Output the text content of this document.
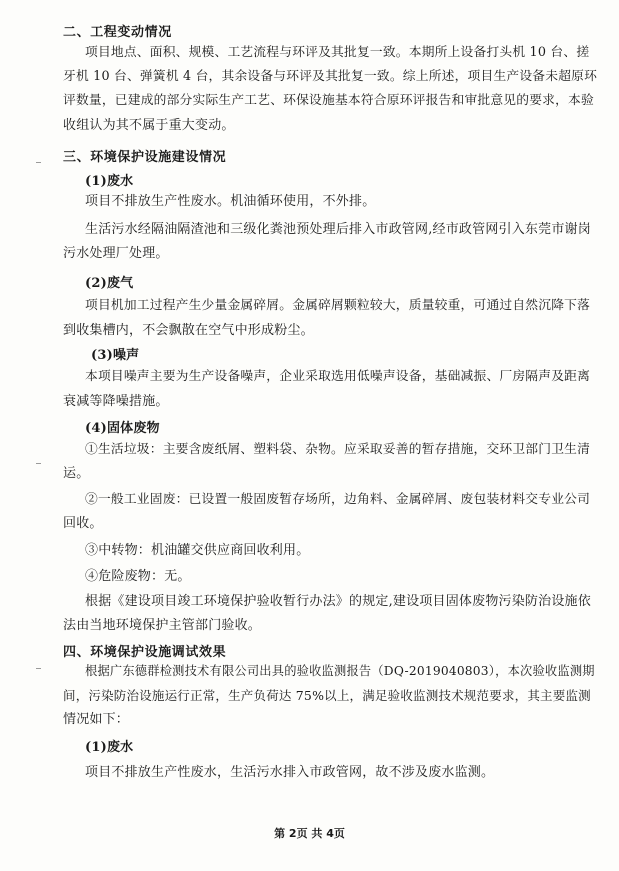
二、工程变动情况
项目地点、面积、规模、工艺流程与环评及其批复一致。本期所上设备打头机 10 台、搓
牙机 10 台、弹簧机 4 台，其余设备与环评及其批复一致。综上所述，项目生产设备未超原环
评数量，已建成的部分实际生产工艺、环保设施基本符合原环评报告和审批意见的要求，本验
收组认为其不属于重大变动。
三、环境保护设施建设情况
(1)废水
项目不排放生产性废水。机油循环使用，不外排。
生活污水经隔油隔渣池和三级化粪池预处理后排入市政管网,经市政管网引入东莞市谢岗
污水处理厂处理。
(2)废气
项目机加工过程产生少量金属碎屑。金属碎屑颗粒较大，质量较重，可通过自然沉降下落
到收集槽内，不会飘散在空气中形成粉尘。
(3)噪声
本项目噪声主要为生产设备噪声，企业采取选用低噪声设备，基础减振、厂房隔声及距离
衰减等降噪措施。
(4)固体废物
①生活垃圾：主要含废纸屑、塑料袋、杂物。应采取妥善的暂存措施，交环卫部门卫生清
运。
②一般工业固废：已设置一般固废暂存场所，边角料、金属碎屑、废包装材料交专业公司
回收。
③中转物：机油罐交供应商回收利用。
④危险废物：无。
根据《建设项目竣工环境保护验收暂行办法》的规定,建设项目固体废物污染防治设施依
法由当地环境保护主管部门验收。
四、环境保护设施调试效果
根据广东德群检测技术有限公司出具的验收监测报告（DQ-2019040803），本次验收监测期
间，污染防治设施运行正常，生产负荷达 75%以上，满足验收监测技术规范要求，其主要监测
情况如下：
(1)废水
项目不排放生产性废水，生活污水排入市政管网，故不涉及废水监测。
第 2页 共 4页
